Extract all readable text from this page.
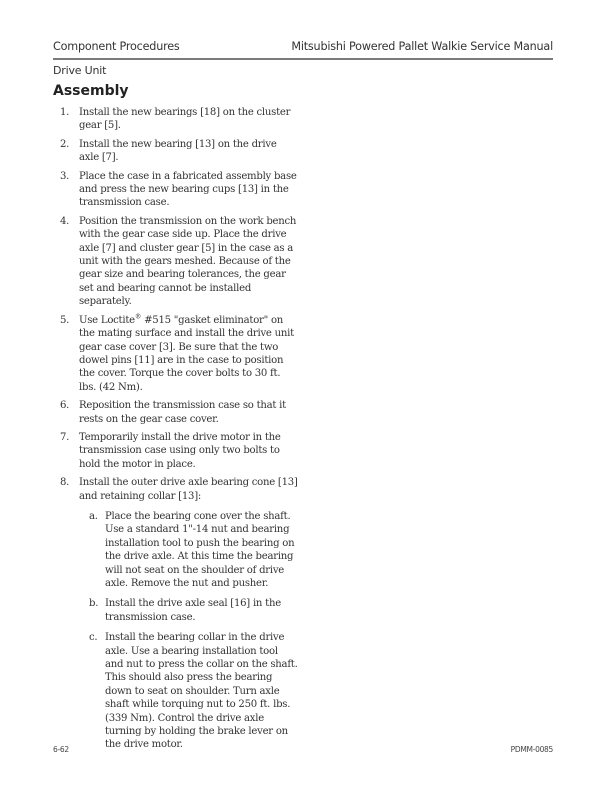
Component Procedures	Mitsubishi Powered Pallet Walkie Service Manual
Drive Unit
Assembly
1. Install the new bearings [18] on the cluster gear [5].
2. Install the new bearing [13] on the drive axle [7].
3. Place the case in a fabricated assembly base and press the new bearing cups [13] in the transmission case.
4. Position the transmission on the work bench with the gear case side up. Place the drive axle [7] and cluster gear [5] in the case as a unit with the gears meshed. Because of the gear size and bearing tolerances, the gear set and bearing cannot be installed separately.
5. Use Loctite® #515 "gasket eliminator" on the mating surface and install the drive unit gear case cover [3]. Be sure that the two dowel pins [11] are in the case to position the cover. Torque the cover bolts to 30 ft. lbs. (42 Nm).
6. Reposition the transmission case so that it rests on the gear case cover.
7. Temporarily install the drive motor in the transmission case using only two bolts to hold the motor in place.
8. Install the outer drive axle bearing cone [13] and retaining collar [13]:
a. Place the bearing cone over the shaft. Use a standard 1"-14 nut and bearing installation tool to push the bearing on the drive axle. At this time the bearing will not seat on the shoulder of drive axle. Remove the nut and pusher.
b. Install the drive axle seal [16] in the transmission case.
c. Install the bearing collar in the drive axle. Use a bearing installation tool and nut to press the collar on the shaft. This should also press the bearing down to seat on shoulder. Turn axle shaft while torquing nut to 250 ft. lbs. (339 Nm). Control the drive axle turning by holding the brake lever on the drive motor.
6-62	PDMM-0085
